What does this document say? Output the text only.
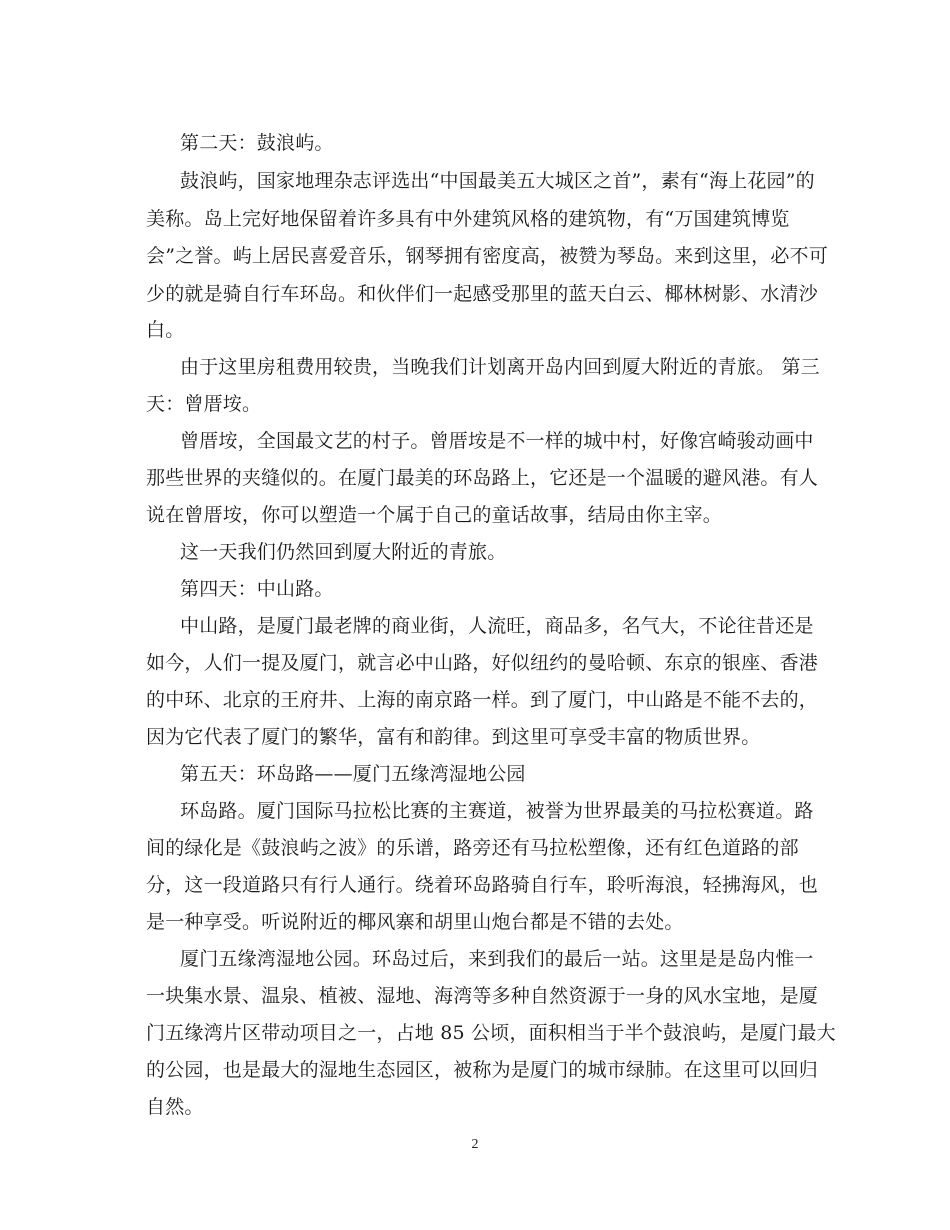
第二天：鼓浪屿。
鼓浪屿，国家地理杂志评选出“中国最美五大城区之首”，素有“海上花园”的
美称。岛上完好地保留着许多具有中外建筑风格的建筑物，有“万国建筑博览
会”之誉。屿上居民喜爱音乐，钢琴拥有密度高，被赞为琴岛。来到这里，必不可
少的就是骑自行车环岛。和伙伴们一起感受那里的蓝天白云、椰林树影、水清沙
白。
由于这里房租费用较贵，当晚我们计划离开岛内回到厦大附近的青旅。 第三
天：曾厝垵。
曾厝垵，全国最文艺的村子。曾厝垵是不一样的城中村，好像宫崎骏动画中
那些世界的夹缝似的。在厦门最美的环岛路上，它还是一个温暖的避风港。有人
说在曾厝垵，你可以塑造一个属于自己的童话故事，结局由你主宰。
这一天我们仍然回到厦大附近的青旅。
第四天：中山路。
中山路，是厦门最老牌的商业街，人流旺，商品多，名气大，不论往昔还是
如今，人们一提及厦门，就言必中山路，好似纽约的曼哈顿、东京的银座、香港
的中环、北京的王府井、上海的南京路一样。到了厦门，中山路是不能不去的，
因为它代表了厦门的繁华，富有和韵律。到这里可享受丰富的物质世界。
第五天：环岛路——厦门五缘湾湿地公园
环岛路。厦门国际马拉松比赛的主赛道，被誉为世界最美的马拉松赛道。路
间的绿化是《鼓浪屿之波》的乐谱，路旁还有马拉松塑像，还有红色道路的部
分，这一段道路只有行人通行。绕着环岛路骑自行车，聆听海浪，轻拂海风，也
是一种享受。听说附近的椰风寨和胡里山炮台都是不错的去处。
厦门五缘湾湿地公园。环岛过后，来到我们的最后一站。这里是是岛内惟一
一块集水景、温泉、植被、湿地、海湾等多种自然资源于一身的风水宝地，是厦
门五缘湾片区带动项目之一，占地 85 公顷，面积相当于半个鼓浪屿，是厦门最大
的公园，也是最大的湿地生态园区，被称为是厦门的城市绿肺。在这里可以回归
自然。
2
